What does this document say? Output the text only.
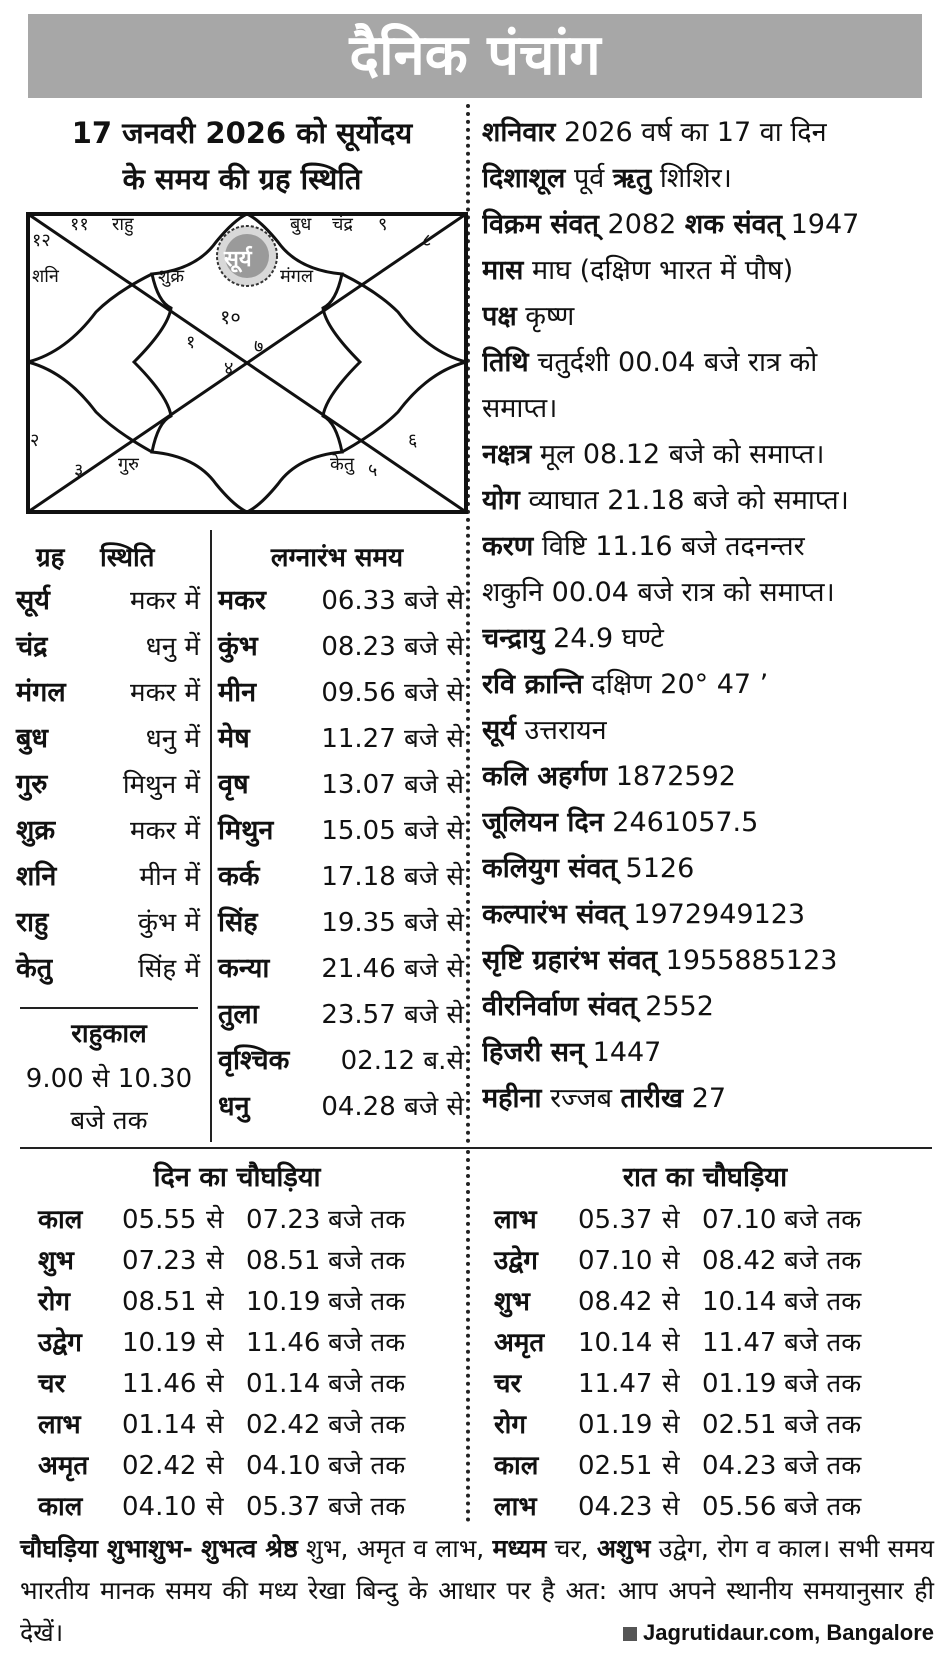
दैनिक पंचांग
17 जनवरी 2026 को सूर्योदय
के समय की ग्रह स्थिति
१०
१	७
४
१२
११	९
८
२
३
६
५
राहु	बुध चंद्र
शनि	शुक्र
सूर्य
मंगल
गुरु	केतु
ग्रह स्थिति	लग्नारंभ समय
सूर्य	मकर में
चंद्र	धनु में
मंगल मकर में
बुध	धनु में
गुरु	मिथुन में
शुक्र	मकर में
शनि	मीन में
राहु	कुंभ में
केतु	सिंह में
राहुकाल
9.00 से 10.30
बजे तक
मकर 06.33 बजे से
कुंभ 08.23 बजे से
मीन	09.56 बजे से
मेष	11.27 बजे से
वृष	13.07 बजे से
मिथुन 15.05 बजे से
कर्क 17.18 बजे से
सिंह 19.35 बजे से
कन्या 21.46 बजे से
तुला 23.57 बजे से
वृश्चिक 02.12 ब.से
धनु	04.28 बजे से
शनिवार 2026 वर्ष का 17 वा दिन
दिशाशूल पूर्व ऋतु शिशिर।
विक्रम संवत् 2082 शक संवत् 1947
मास माघ (दक्षिण भारत में पौष)
पक्ष कृष्ण
तिथि चतुर्दशी 00.04 बजे रात्र को
समाप्त।
नक्षत्र मूल 08.12 बजे को समाप्त।
योग व्याघात 21.18 बजे को समाप्त।
करण विष्टि 11.16 बजे तदनन्तर
शकुनि 00.04 बजे रात्र को समाप्त।
चन्द्रायु 24.9 घण्टे
रवि क्रान्ति दक्षिण 20° 47 ’
सूर्य उत्तरायन
कलि अहर्गण 1872592
जूलियन दिन 2461057.5
कलियुग संवत् 5126
कल्पारंभ संवत् 1972949123
सृष्टि ग्रहारंभ संवत् 1955885123
वीरनिर्वाण संवत् 2552
हिजरी सन् 1447
महीना रज्जब तारीख 27
दिन का चौघड़िया	रात का चौघड़िया
काल 05.55 से 07.23 बजे तक
शुभ 07.23 से 08.51 बजे तक
रोग 08.51 से 10.19 बजे तक
उद्वेग 10.19 से 11.46 बजे तक
चर 11.46 से 01.14 बजे तक
लाभ 01.14 से 02.42 बजे तक
अमृत 02.42 से 04.10 बजे तक
काल 04.10 से 05.37 बजे तक
लाभ 05.37 से 07.10 बजे तक
उद्वेग 07.10 से 08.42 बजे तक
शुभ 08.42 से 10.14 बजे तक
अमृत 10.14 से 11.47 बजे तक
चर 11.47 से 01.19 बजे तक
रोग 01.19 से 02.51 बजे तक
काल 02.51 से 04.23 बजे तक
लाभ 04.23 से 05.56 बजे तक
चौघड़िया शुभाशुभ- शुभत्व श्रेष्ठ शुभ, अमृत व लाभ, मध्यम चर, अशुभ उद्वेग, रोग व काल। सभी समय भारतीय मानक समय की मध्य रेखा बिन्दु के आधार पर है अत: आप अपने स्थानीय समयानुसार ही देखें।	Jagrutidaur.com, Bangalore
